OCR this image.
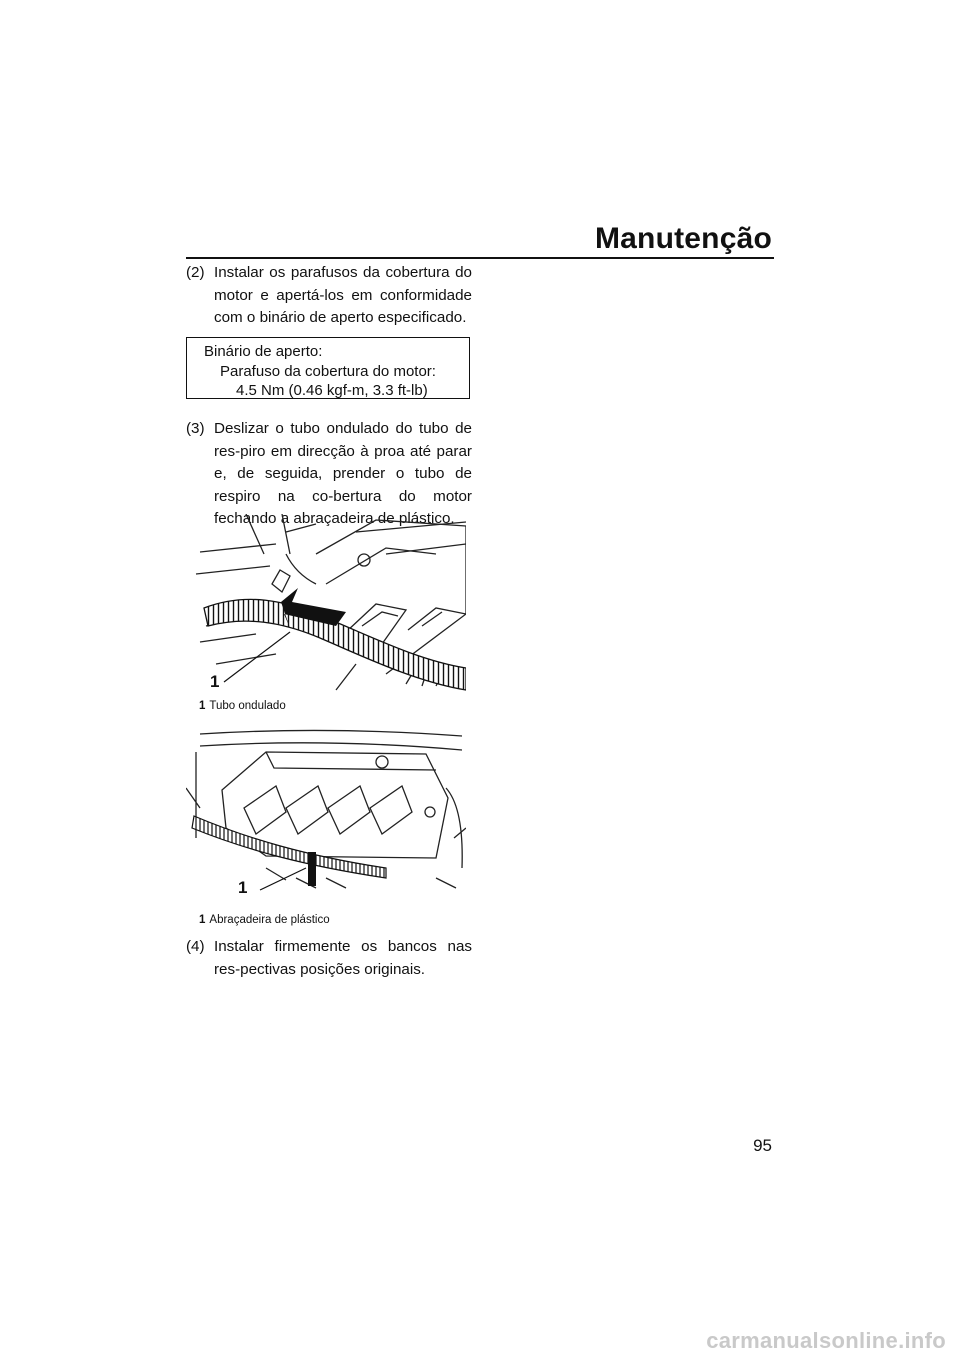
Manutenção
(2) Instalar os parafusos da cobertura do motor e apertá-los em conformidade com o binário de aperto especificado.
Binário de aperto:
Parafuso da cobertura do motor:
4.5 Nm (0.46 kgf-m, 3.3 ft-lb)
(3) Deslizar o tubo ondulado do tubo de res-piro em direcção à proa até parar e, de seguida, prender o tubo de respiro na co-bertura do motor fechando a abraçadeira de plástico.
1
1 Tubo ondulado
1
1 Abraçadeira de plástico
(4) Instalar firmemente os bancos nas res-pectivas posições originais.
95
carmanualsonline.info
